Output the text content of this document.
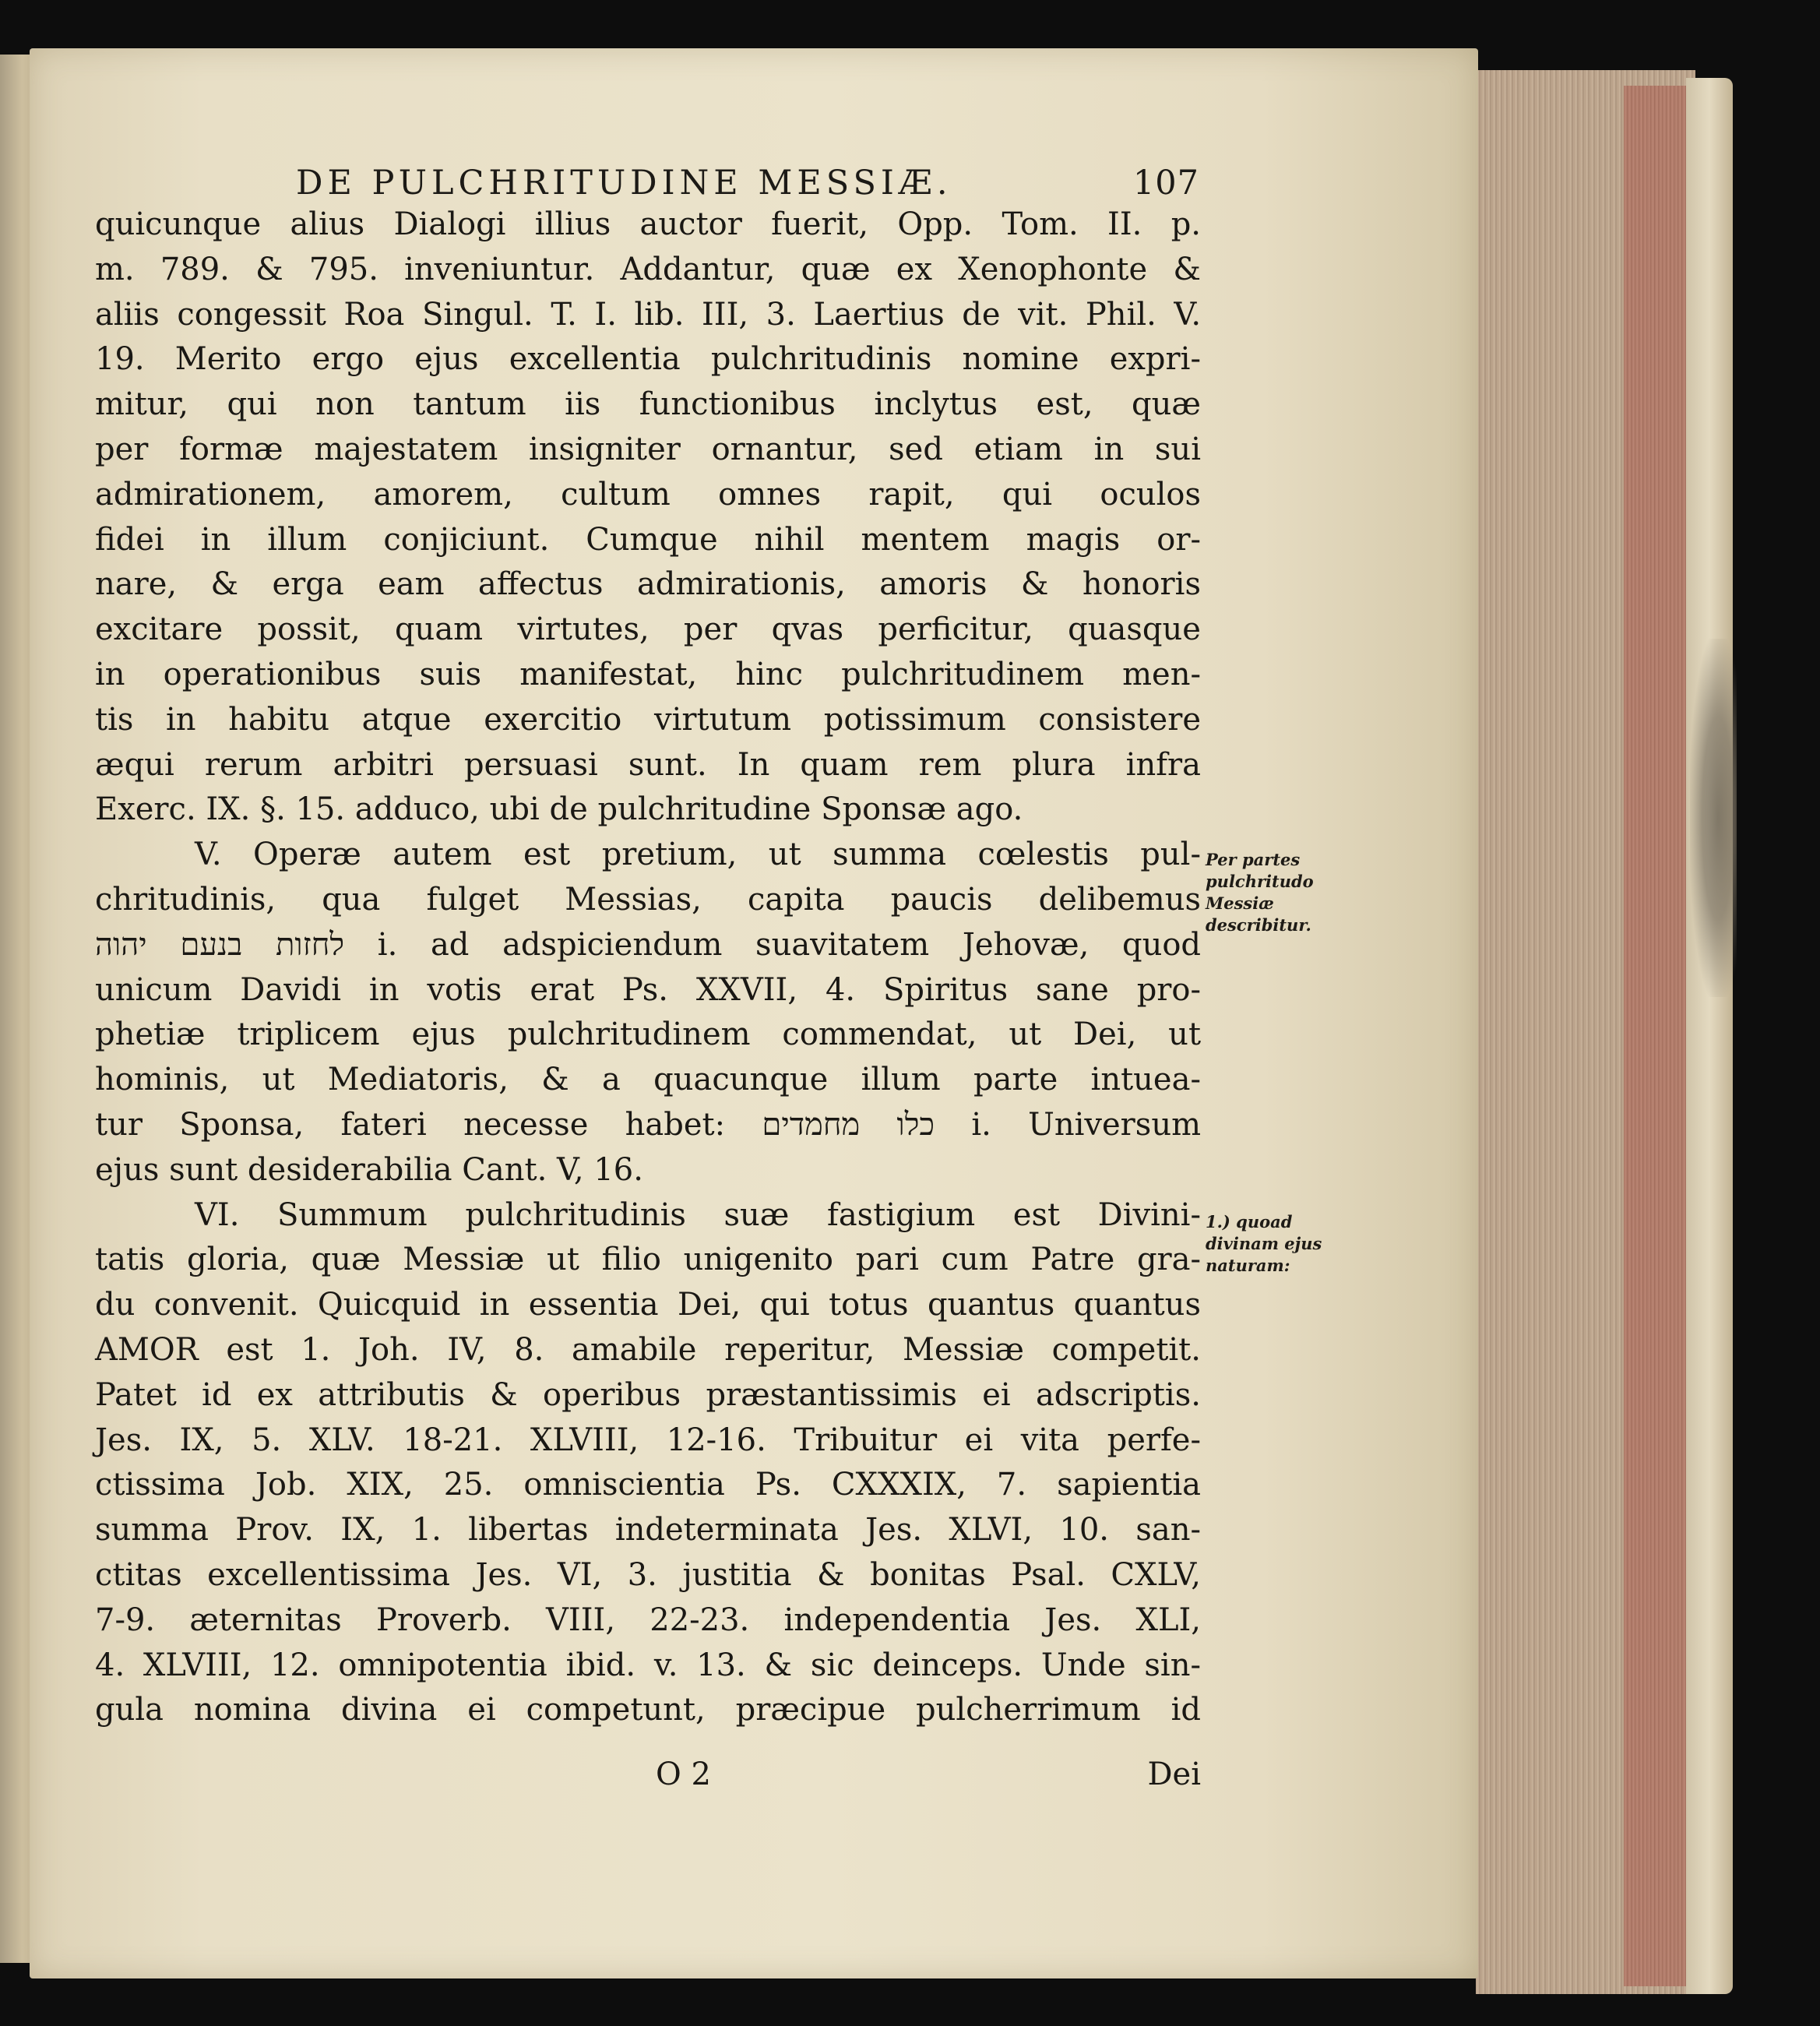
DE PULCHRITUDINE MESSIÆ.	107
quicunque alius Dialogi illius auctor fuerit, Opp. Tom. II. p.
m. 789. & 795. inveniuntur. Addantur, quæ ex Xenophonte &
aliis congessit Roa Singul. T. I. lib. III, 3. Laertius de vit. Phil. V.
19. Merito ergo ejus excellentia pulchritudinis nomine expri-
mitur, qui non tantum iis functionibus inclytus est, quæ
per formæ majestatem insigniter ornantur, sed etiam in sui
admirationem, amorem, cultum omnes rapit, qui oculos
fidei in illum conjiciunt. Cumque nihil mentem magis or-
nare, & erga eam affectus admirationis, amoris & honoris
excitare possit, quam virtutes, per qvas perficitur, quasque
in operationibus suis manifestat, hinc pulchritudinem men-
tis in habitu atque exercitio virtutum potissimum consistere
æqui rerum arbitri persuasi sunt. In quam rem plura infra
Exerc. IX. §. 15. adduco, ubi de pulchritudine Sponsæ ago.
V. Operæ autem est pretium, ut summa cœlestis pul-
chritudinis, qua fulget Messias, capita paucis delibemus
לחזות בנעם יהוה i. ad adspiciendum suavitatem Jehovæ, quod
unicum Davidi in votis erat Ps. XXVII, 4. Spiritus sane pro-
phetiæ triplicem ejus pulchritudinem commendat, ut Dei, ut
hominis, ut Mediatoris, & a quacunque illum parte intuea-
tur Sponsa, fateri necesse habet: כלו מחמדים i. Universum
ejus sunt desiderabilia Cant. V, 16.
VI. Summum pulchritudinis suæ fastigium est Divini-
tatis gloria, quæ Messiæ ut filio unigenito pari cum Patre gra-
du convenit. Quicquid in essentia Dei, qui totus quantus quantus
AMOR est 1. Joh. IV, 8. amabile reperitur, Messiæ competit.
Patet id ex attributis & operibus præstantissimis ei adscriptis.
Jes. IX, 5. XLV. 18-21. XLVIII, 12-16. Tribuitur ei vita perfe-
ctissima Job. XIX, 25. omniscientia Ps. CXXXIX, 7. sapientia
summa Prov. IX, 1. libertas indeterminata Jes. XLVI, 10. san-
ctitas excellentissima Jes. VI, 3. justitia & bonitas Psal. CXLV,
7-9. æternitas Proverb. VIII, 22-23. independentia Jes. XLI,
4. XLVIII, 12. omnipotentia ibid. v. 13. & sic deinceps. Unde sin-
gula nomina divina ei competunt, præcipue pulcherrimum id
Per partes pulchritudo Messiæ describitur.
1.) quoad divinam ejus naturam:
O 2	Dei
